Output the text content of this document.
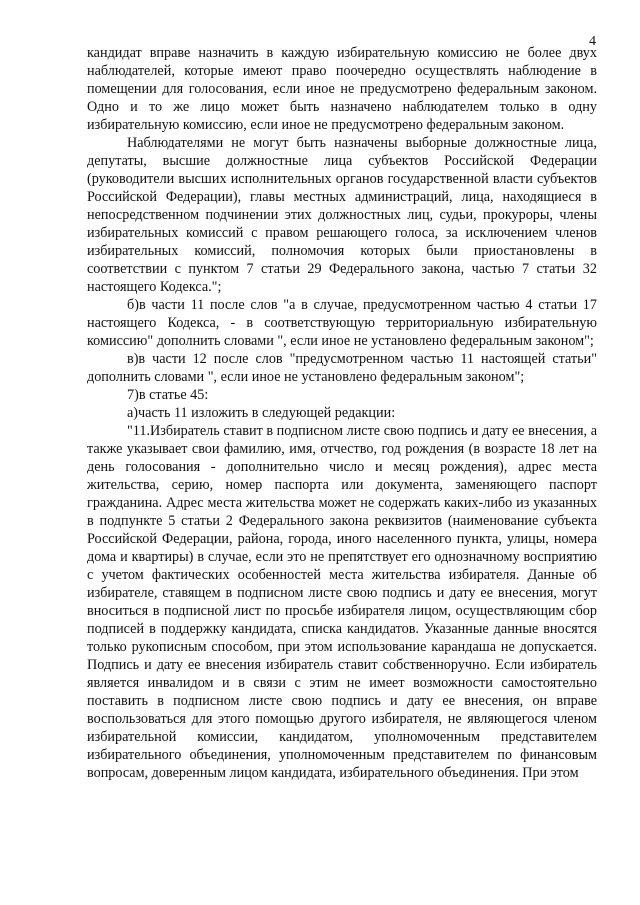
4

кандидат вправе назначить в каждую избирательную комиссию не более двух наблюдателей, которые имеют право поочередно осуществлять наблюдение в помещении для голосования, если иное не предусмотрено федеральным законом. Одно и то же лицо может быть назначено наблюдателем только в одну избирательную комиссию, если иное не предусмотрено федеральным законом.

Наблюдателями не могут быть назначены выборные должностные лица, депутаты, высшие должностные лица субъектов Российской Федерации (руководители высших исполнительных органов государственной власти субъектов Российской Федерации), главы местных администраций, лица, находящиеся в непосредственном подчинении этих должностных лиц, судьи, прокуроры, члены избирательных комиссий с правом решающего голоса, за исключением членов избирательных комиссий, полномочия которых были приостановлены в соответствии с пунктом 7 статьи 29 Федерального закона, частью 7 статьи 32 настоящего Кодекса.";

б)в части 11 после слов "а в случае, предусмотренном частью 4 статьи 17 настоящего Кодекса, - в соответствующую территориальную избирательную комиссию" дополнить словами ", если иное не установлено федеральным законом";

в)в части 12 после слов "предусмотренном частью 11 настоящей статьи" дополнить словами ", если иное не установлено федеральным законом";

7)в статье 45:

а)часть 11 изложить в следующей редакции:

"11.Избиратель ставит в подписном листе свою подпись и дату ее внесения, а также указывает свои фамилию, имя, отчество, год рождения (в возрасте 18 лет на день голосования - дополнительно число и месяц рождения), адрес места жительства, серию, номер паспорта или документа, заменяющего паспорт гражданина. Адрес места жительства может не содержать каких-либо из указанных в подпункте 5 статьи 2 Федерального закона реквизитов (наименование субъекта Российской Федерации, района, города, иного населенного пункта, улицы, номера дома и квартиры) в случае, если это не препятствует его однозначному восприятию с учетом фактических особенностей места жительства избирателя. Данные об избирателе, ставящем в подписном листе свою подпись и дату ее внесения, могут вноситься в подписной лист по просьбе избирателя лицом, осуществляющим сбор подписей в поддержку кандидата, списка кандидатов. Указанные данные вносятся только рукописным способом, при этом использование карандаша не допускается. Подпись и дату ее внесения избиратель ставит собственноручно. Если избиратель является инвалидом и в связи с этим не имеет возможности самостоятельно поставить в подписном листе свою подпись и дату ее внесения, он вправе воспользоваться для этого помощью другого избирателя, не являющегося членом избирательной комиссии, кандидатом, уполномоченным представителем избирательного объединения, уполномоченным представителем по финансовым вопросам, доверенным лицом кандидата, избирательного объединения. При этом
